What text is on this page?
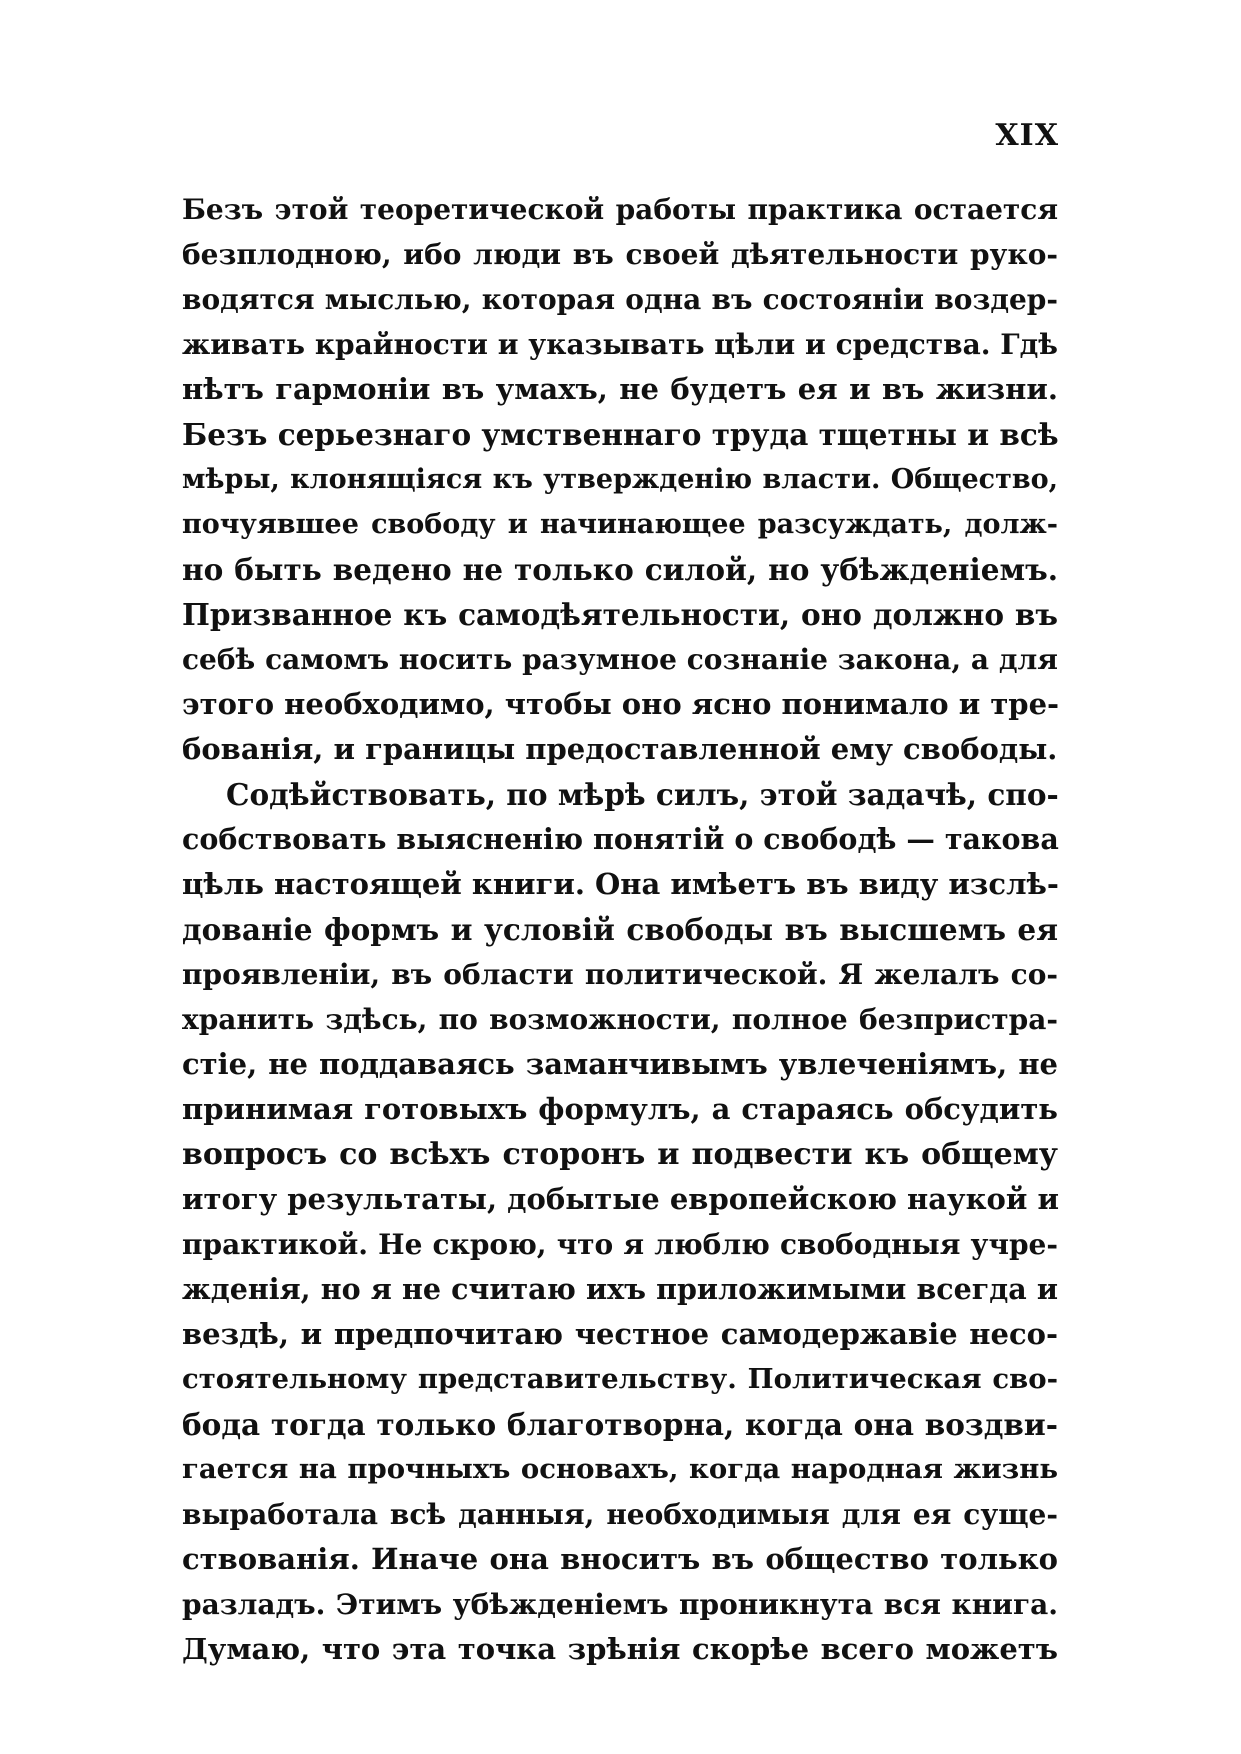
XIX
Безъ этой теоретической работы практика остается
безплодною, ибо люди въ своей дѣятельности руко-
водятся мыслью, которая одна въ состояніи воздер-
живать крайности и указывать цѣли и средства. Гдѣ
нѣтъ гармоніи въ умахъ, не будетъ ея и въ жизни.
Безъ серьезнаго умственнаго труда тщетны и всѣ
мѣры, клонящіяся къ утвержденію власти. Общество,
почуявшее свободу и начинающее разсуждать, долж-
но быть ведено не только силой, но убѣжденіемъ.
Призванное къ самодѣятельности, оно должно въ
себѣ самомъ носить разумное сознаніе закона, а для
этого необходимо, чтобы оно ясно понимало и тре-
бованія, и границы предоставленной ему свободы.
Содѣйствовать, по мѣрѣ силъ, этой задачѣ, спо-
собствовать выясненію понятій о свободѣ — такова
цѣль настоящей книги. Она имѣетъ въ виду изслѣ-
дованіе формъ и условій свободы въ высшемъ ея
проявленіи, въ области политической. Я желалъ со-
хранить здѣсь, по возможности, полное безпристра-
стіе, не поддаваясь заманчивымъ увлеченіямъ, не
принимая готовыхъ формулъ, а стараясь обсудить
вопросъ со всѣхъ сторонъ и подвести къ общему
итогу результаты, добытые европейскою наукой и
практикой. Не скрою, что я люблю свободныя учре-
жденія, но я не считаю ихъ приложимыми всегда и
вездѣ, и предпочитаю честное самодержавіе несо-
стоятельному представительству. Политическая сво-
бода тогда только благотворна, когда она воздви-
гается на прочныхъ основахъ, когда народная жизнь
выработала всѣ данныя, необходимыя для ея суще-
ствованія. Иначе она вноситъ въ общество только
разладъ. Этимъ убѣжденіемъ проникнута вся книга.
Думаю, что эта точка зрѣнія скорѣе всего можетъ
